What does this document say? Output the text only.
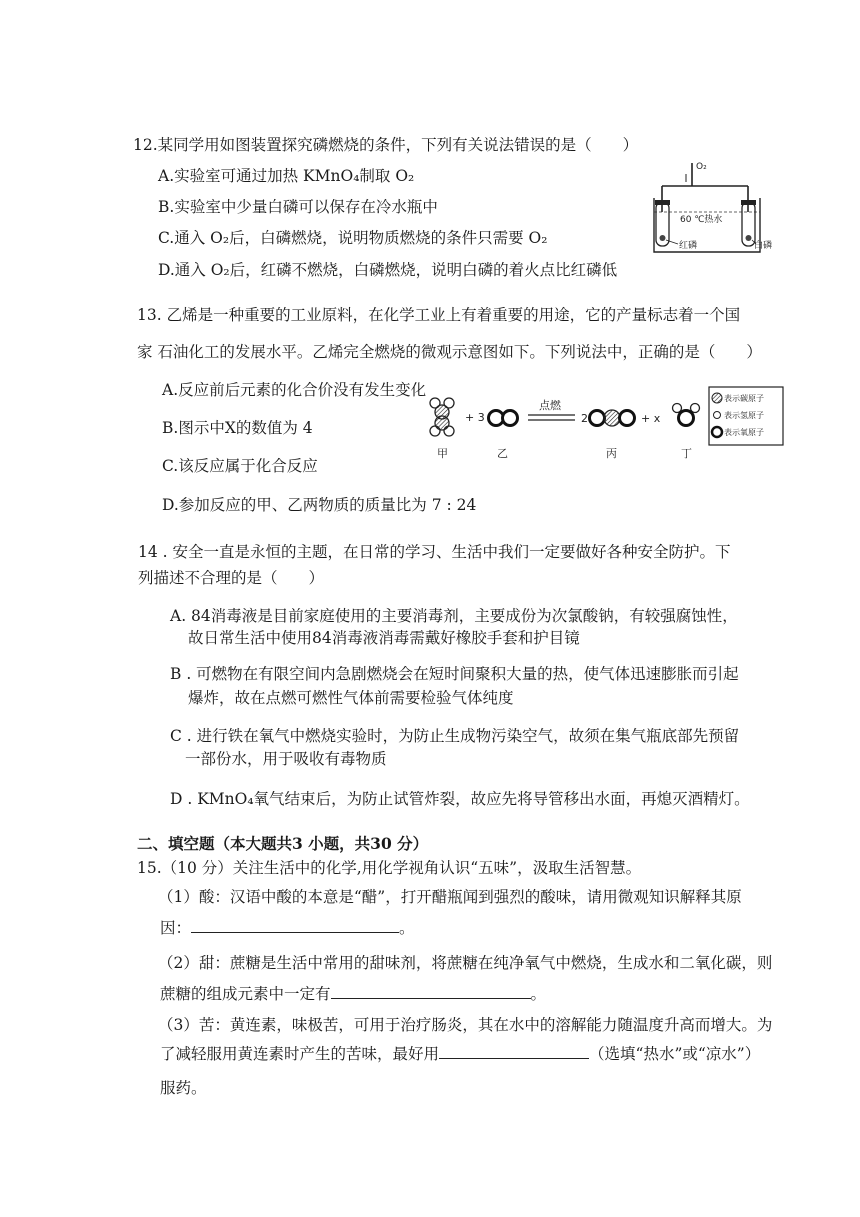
12.某同学用如图装置探究磷燃烧的条件，下列有关说法错误的是（　　）
A.实验室可通过加热 KMnO₄制取 O₂
B.实验室中少量白磷可以保存在冷水瓶中
C.通入 O₂后，白磷燃烧，说明物质燃烧的条件只需要 O₂
D.通入 O₂后，红磷不燃烧，白磷燃烧，说明白磷的着火点比红磷低
O₂
60 ℃热水
红磷	白磷
13. 乙烯是一种重要的工业原料，在化学工业上有着重要的用途，它的产量标志着一个国
家 石油化工的发展水平。乙烯完全燃烧的微观示意图如下。下列说法中，正确的是（　　）
A.反应前后元素的化合价没有发生变化
B.图示中X的数值为 4
C.该反应属于化合反应
D.参加反应的甲、乙两物质的质量比为 7 : 24
+ 3
点燃
2	+ x
甲	乙	丙	丁
表示碳原子
表示氢原子
表示氧原子
14 . 安全一直是永恒的主题，在日常的学习、生活中我们一定要做好各种安全防护。下
列描述不合理的是（　　）
A. 84消毒液是目前家庭使用的主要消毒剂，主要成份为次氯酸钠，有较强腐蚀性，
故日常生活中使用84消毒液消毒需戴好橡胶手套和护目镜
B . 可燃物在有限空间内急剧燃烧会在短时间聚积大量的热，使气体迅速膨胀而引起
爆炸，故在点燃可燃性气体前需要检验气体纯度
C . 进行铁在氧气中燃烧实验时，为防止生成物污染空气，故须在集气瓶底部先预留
一部份水，用于吸收有毒物质
D . KMnO₄氧气结束后，为防止试管炸裂，故应先将导管移出水面，再熄灭酒精灯。
二、填空题（本大题共3 小题，共30 分）
15.（10 分）关注生活中的化学,用化学视角认识“五味”，汲取生活智慧。
（1）酸：汉语中酸的本意是“醋”，打开醋瓶闻到强烈的酸味，请用微观知识解释其原
因：	。
（2）甜：蔗糖是生活中常用的甜味剂，将蔗糖在纯净氧气中燃烧，生成水和二氧化碳，则
蔗糖的组成元素中一定有	。
（3）苦：黄连素，味极苦，可用于治疗肠炎，其在水中的溶解能力随温度升高而增大。为
了减轻服用黄连素时产生的苦味，最好用	（选填“热水”或“凉水”）
服药。
